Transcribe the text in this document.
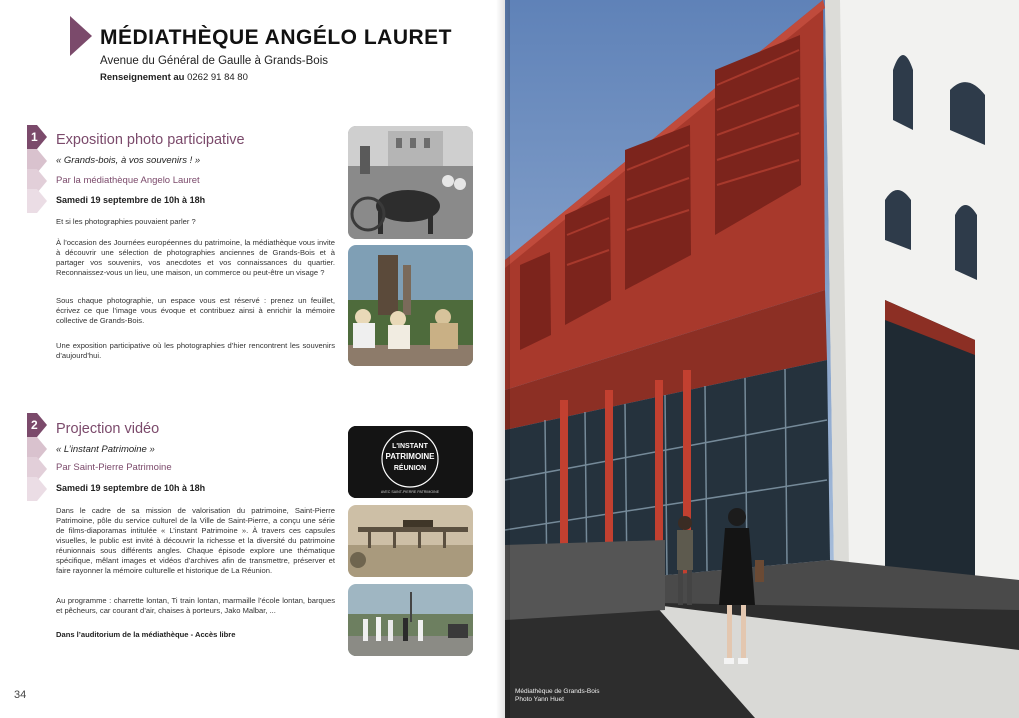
MÉDIATHÈQUE ANGÉLO LAURET
Avenue du Général de Gaulle à Grands-Bois
Renseignement au 0262 91 84 80
1 Exposition photo participative
« Grands-bois, à vos souvenirs ! »
Par la médiathèque Angelo Lauret
Samedi 19 septembre de 10h à 18h

Et si les photographies pouvaient parler ?

À l’occasion des Journées européennes du patrimoine, la médiathèque vous invite à découvrir une sélection de photographies anciennes de Grands-Bois et à partager vos souvenirs, vos anecdotes et vos connaissances du quartier. Reconnaissez-vous un lieu, une maison, un commerce ou peut-être un visage ?

Sous chaque photographie, un espace vous est réservé : prenez un feuillet, écrivez ce que l’image vous évoque et contribuez ainsi à enrichir la mémoire collective de Grands-Bois.

Une exposition participative où les photographies d’hier rencontrent les souvenirs d’aujourd’hui.

2 Projection vidéo
« L’instant Patrimoine »
Par Saint-Pierre Patrimoine
Samedi 19 septembre de 10h à 18h

Dans le cadre de sa mission de valorisation du patrimoine, Saint-Pierre Patrimoine, pôle du service culturel de la Ville de Saint-Pierre, a conçu une série de films-diaporamas intitulée « L’instant Patrimoine ». À travers ces capsules visuelles, le public est invité à découvrir la richesse et la diversité du patrimoine réunionnais sous différents angles. Chaque épisode explore une thématique spécifique, mêlant images et vidéos d’archives afin de transmettre, préserver et faire rayonner la mémoire culturelle et historique de La Réunion.

Au programme : charrette lontan, Ti train lontan, marmaille l’école lontan, barques et pêcheurs, car courant d’air, chaises à porteurs, Jako Malbar, ...

Dans l’auditorium de la médiathèque - Accès libre

L'INSTANT
PATRIMOINE
RÉUNION
AVEC SAINT-PIERRE PATRIMOINE
34	Médiathèque de Grands-Bois
Photo Yann Huet
